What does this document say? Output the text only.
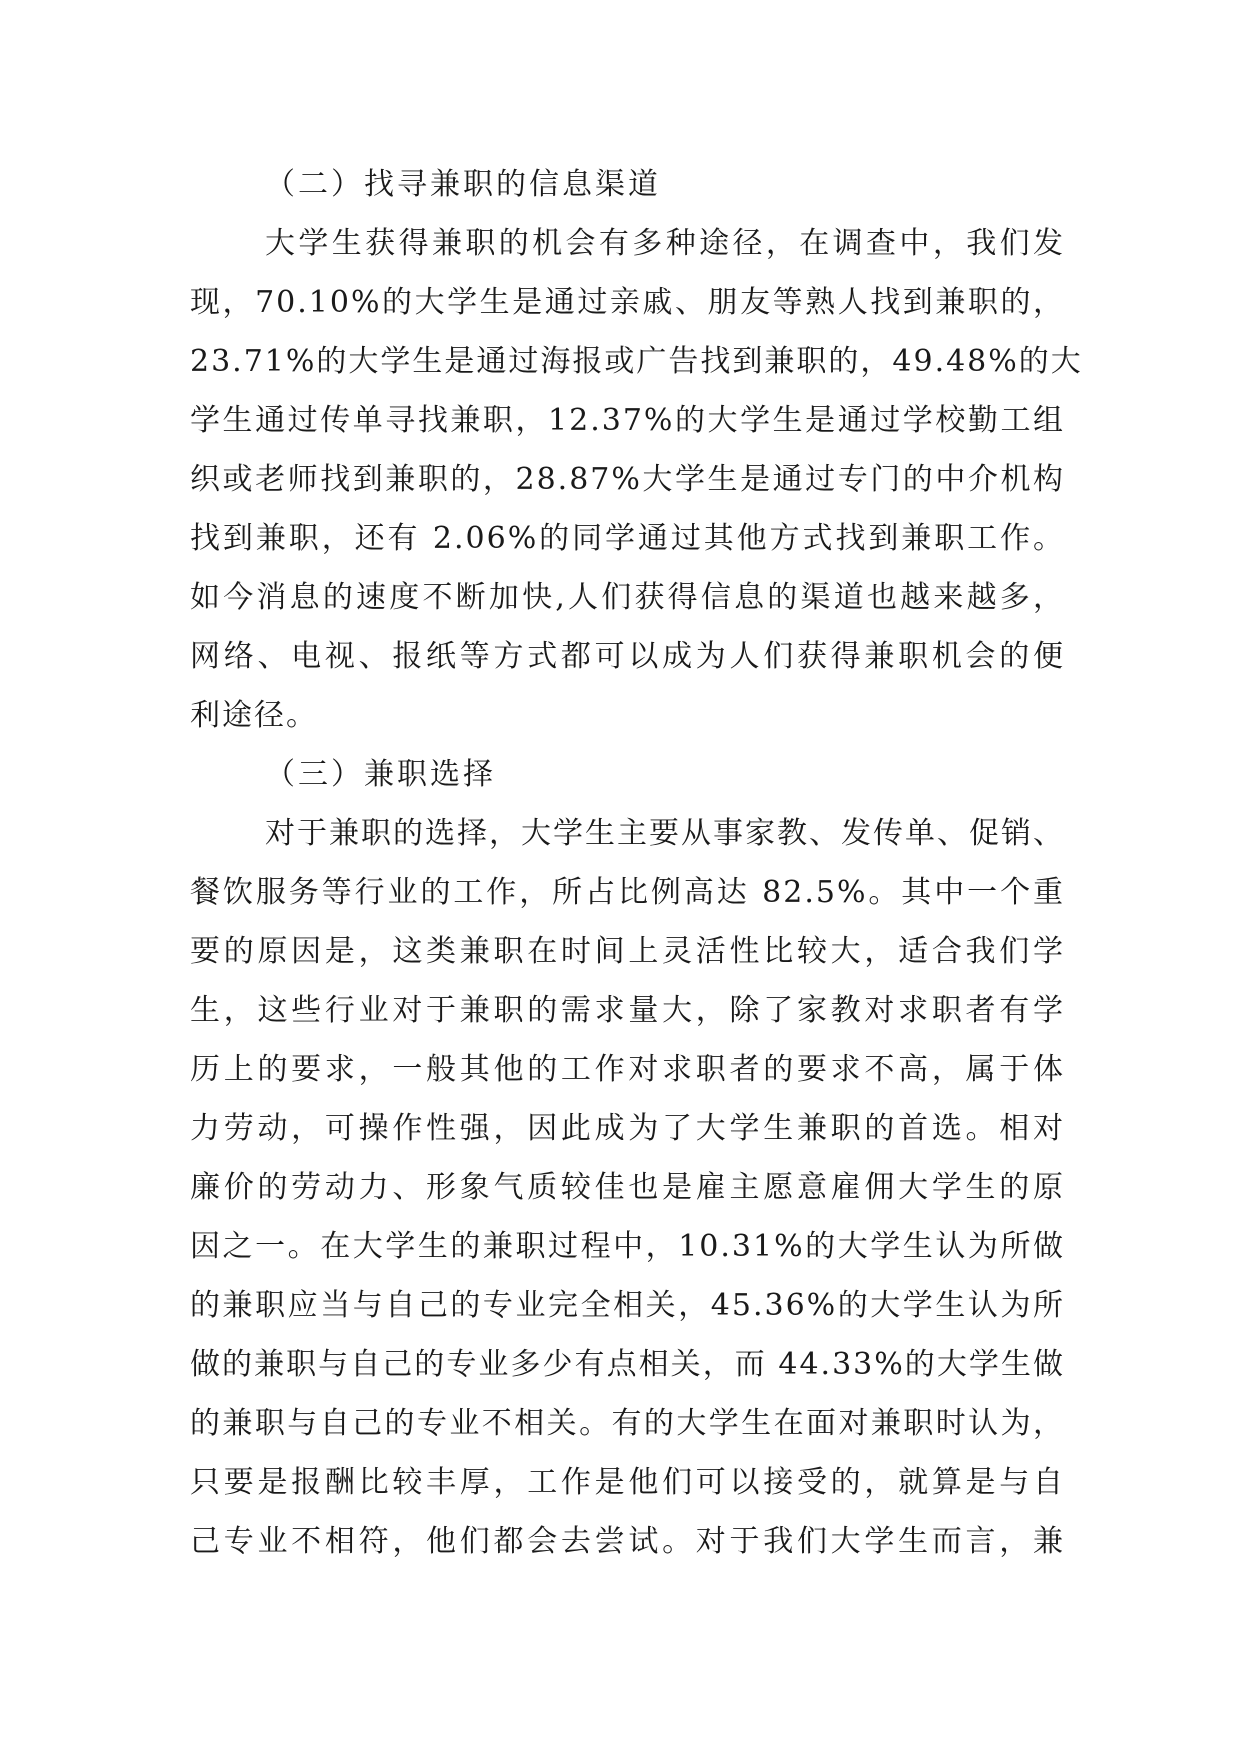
（二）找寻兼职的信息渠道
大学生获得兼职的机会有多种途径，在调查中，我们发
现，70.10%的大学生是通过亲戚、朋友等熟人找到兼职的，
23.71%的大学生是通过海报或广告找到兼职的，49.48%的大
学生通过传单寻找兼职，12.37%的大学生是通过学校勤工组
织或老师找到兼职的，28.87%大学生是通过专门的中介机构
找到兼职，还有 2.06%的同学通过其他方式找到兼职工作。
如今消息的速度不断加快,人们获得信息的渠道也越来越多，
网络、电视、报纸等方式都可以成为人们获得兼职机会的便
利途径。
（三）兼职选择
对于兼职的选择，大学生主要从事家教、发传单、促销、
餐饮服务等行业的工作，所占比例高达 82.5%。其中一个重
要的原因是，这类兼职在时间上灵活性比较大，适合我们学
生，这些行业对于兼职的需求量大，除了家教对求职者有学
历上的要求，一般其他的工作对求职者的要求不高，属于体
力劳动，可操作性强，因此成为了大学生兼职的首选。相对
廉价的劳动力、形象气质较佳也是雇主愿意雇佣大学生的原
因之一。在大学生的兼职过程中，10.31%的大学生认为所做
的兼职应当与自己的专业完全相关，45.36%的大学生认为所
做的兼职与自己的专业多少有点相关，而 44.33%的大学生做
的兼职与自己的专业不相关。有的大学生在面对兼职时认为，
只要是报酬比较丰厚，工作是他们可以接受的，就算是与自
己专业不相符，他们都会去尝试。对于我们大学生而言，兼
